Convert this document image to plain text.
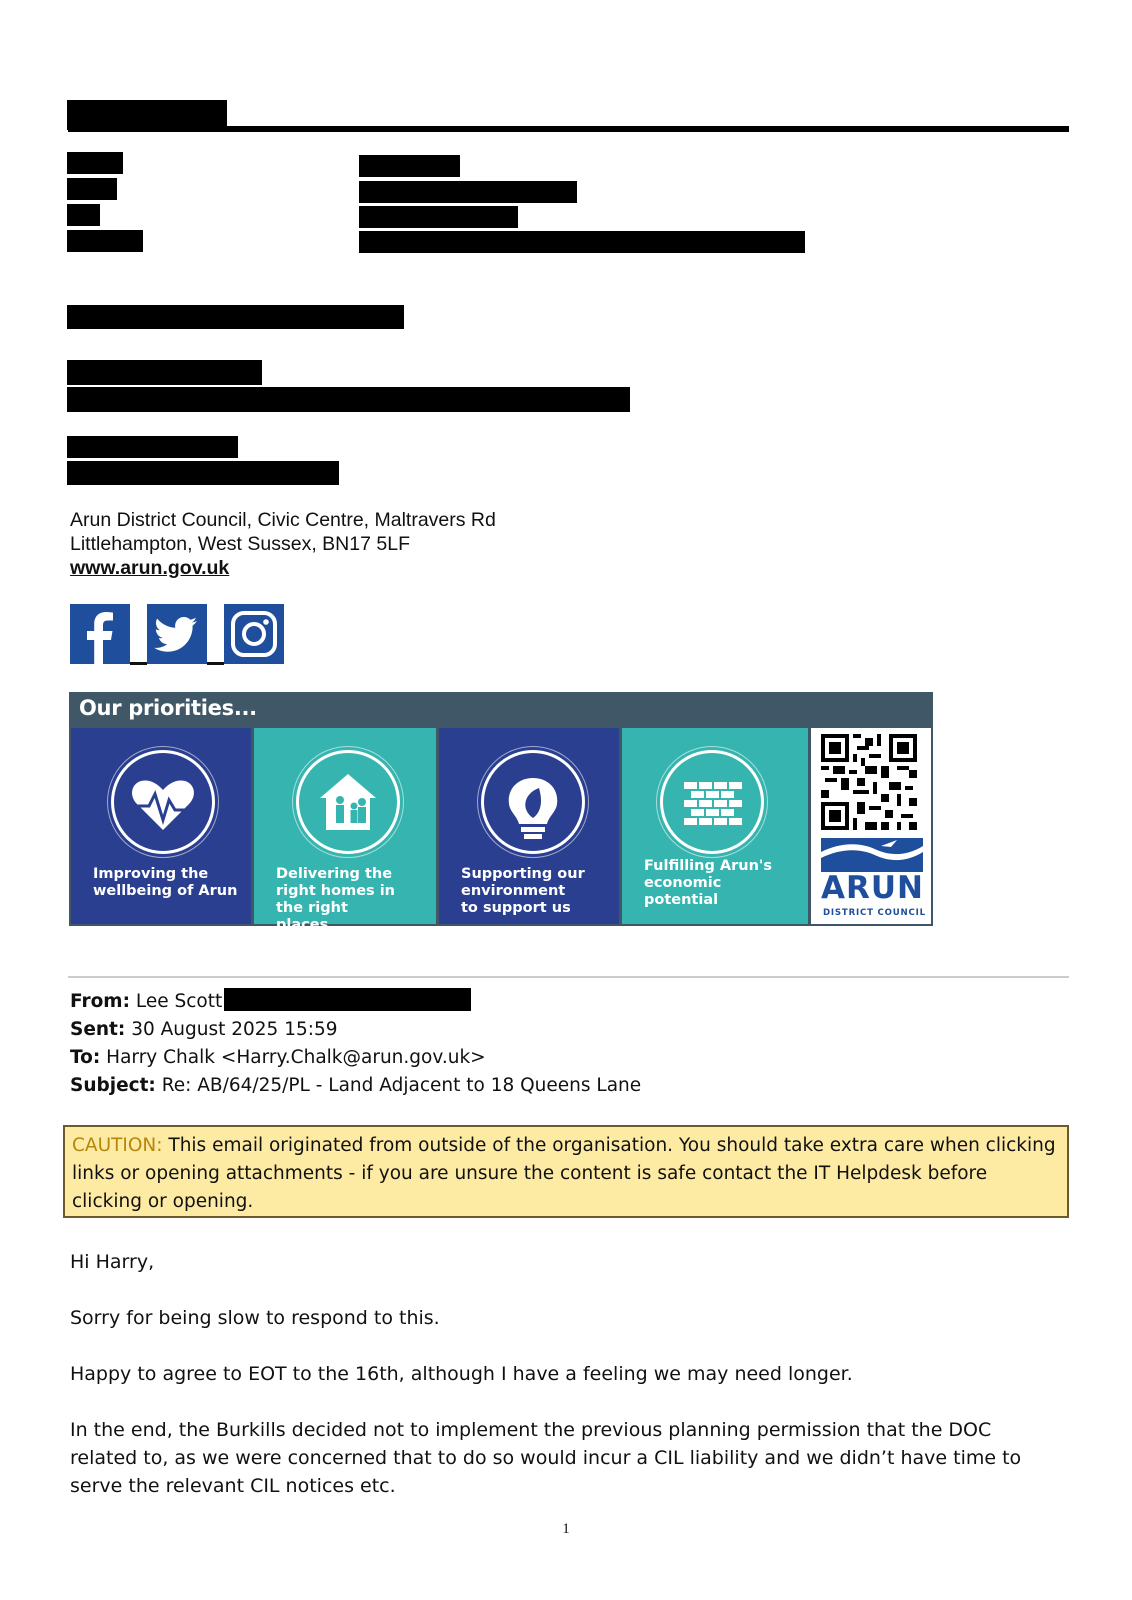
Arun District Council, Civic Centre, Maltravers Rd
Littlehampton, West Sussex, BN17 5LF
www.arun.gov.uk
Our priorities...
Improving the wellbeing of Arun
Delivering the right homes in the right places
Supporting our environment to support us
Fulfilling Arun's economic potential	ARUN
DISTRICT COUNCIL
From: Lee Scott
Sent: 30 August 2025 15:59
To: Harry Chalk <Harry.Chalk@arun.gov.uk>
Subject: Re: AB/64/25/PL - Land Adjacent to 18 Queens Lane
CAUTION: This email originated from outside of the organisation. You should take extra care when clicking links or opening attachments - if you are unsure the content is safe contact the IT Helpdesk before clicking or opening.
Hi Harry,
Sorry for being slow to respond to this.
Happy to agree to EOT to the 16th, although I have a feeling we may need longer.
In the end, the Burkills decided not to implement the previous planning permission that the DOC related to, as we were concerned that to do so would incur a CIL liability and we didn’t have time to serve the relevant CIL notices etc.
1
